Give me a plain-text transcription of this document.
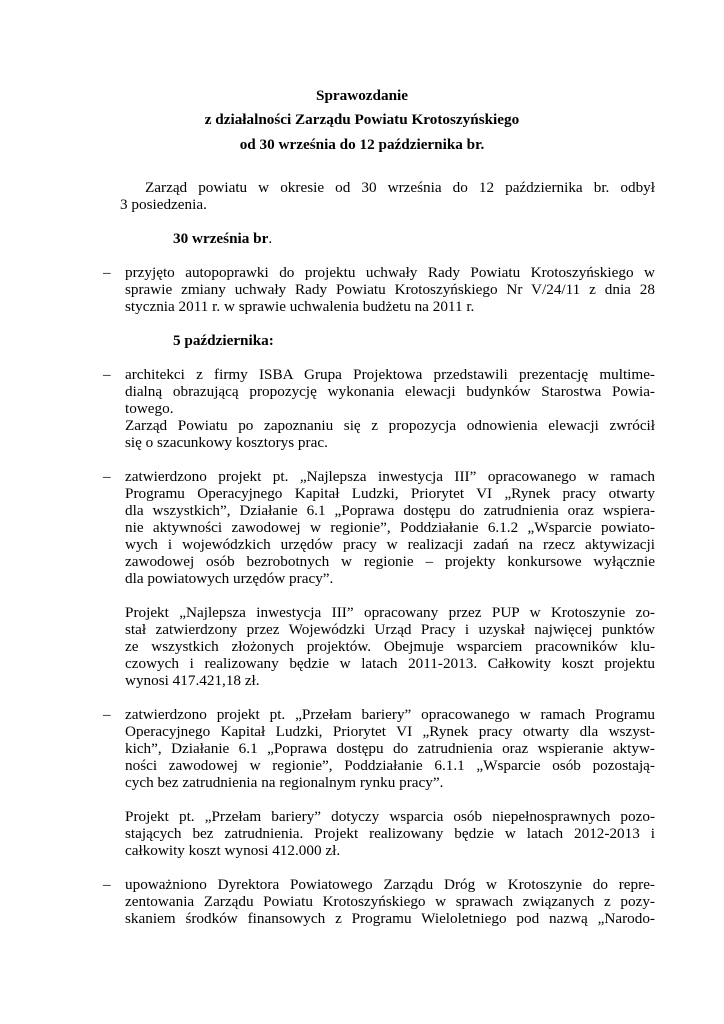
Sprawozdanie
z działalności Zarządu Powiatu Krotoszyńskiego
od 30 września do 12 października br.
Zarząd powiatu w okresie od 30 września do 12 października br. odbył
3 posiedzenia.
30 września br.
– przyjęto autopoprawki do projektu uchwały Rady Powiatu Krotoszyńskiego w
sprawie zmiany uchwały Rady Powiatu Krotoszyńskiego Nr V/24/11 z dnia 28
stycznia 2011 r. w sprawie uchwalenia budżetu na 2011 r.
5 października:
– architekci z firmy ISBA Grupa Projektowa przedstawili prezentację multime-
dialną obrazującą propozycję wykonania elewacji budynków Starostwa Powia-
towego.
Zarząd Powiatu po zapoznaniu się z propozycja odnowienia elewacji zwrócił
się o szacunkowy kosztorys prac.
– zatwierdzono projekt pt. „Najlepsza inwestycja III” opracowanego w ramach
Programu Operacyjnego Kapitał Ludzki, Priorytet VI „Rynek pracy otwarty
dla wszystkich”, Działanie 6.1 „Poprawa dostępu do zatrudnienia oraz wspiera-
nie aktywności zawodowej w regionie”, Poddziałanie 6.1.2 „Wsparcie powiato-
wych i wojewódzkich urzędów pracy w realizacji zadań na rzecz aktywizacji
zawodowej osób bezrobotnych w regionie – projekty konkursowe wyłącznie
dla powiatowych urzędów pracy”.
Projekt „Najlepsza inwestycja III” opracowany przez PUP w Krotoszynie zo-
stał zatwierdzony przez Wojewódzki Urząd Pracy i uzyskał najwięcej punktów
ze wszystkich złożonych projektów. Obejmuje wsparciem pracowników klu-
czowych i realizowany będzie w latach 2011-2013. Całkowity koszt projektu
wynosi 417.421,18 zł.
– zatwierdzono projekt pt. „Przełam bariery” opracowanego w ramach Programu
Operacyjnego Kapitał Ludzki, Priorytet VI „Rynek pracy otwarty dla wszyst-
kich”, Działanie 6.1 „Poprawa dostępu do zatrudnienia oraz wspieranie aktyw-
ności zawodowej w regionie”, Poddziałanie 6.1.1 „Wsparcie osób pozostają-
cych bez zatrudnienia na regionalnym rynku pracy”.
Projekt pt. „Przełam bariery” dotyczy wsparcia osób niepełnosprawnych pozo-
stających bez zatrudnienia. Projekt realizowany będzie w latach 2012-2013 i
całkowity koszt wynosi 412.000 zł.
– upoważniono Dyrektora Powiatowego Zarządu Dróg w Krotoszynie do repre-
zentowania Zarządu Powiatu Krotoszyńskiego w sprawach związanych z pozy-
skaniem środków finansowych z Programu Wieloletniego pod nazwą „Narodo-
